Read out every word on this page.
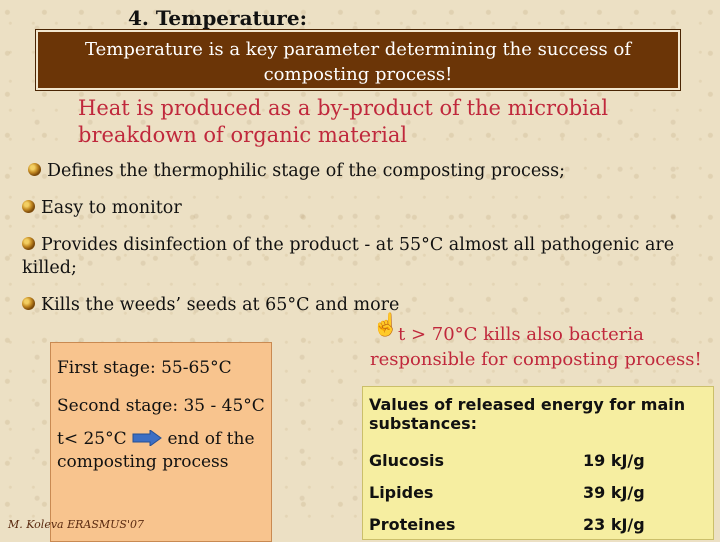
4. Temperature:
Temperature is a key parameter determining the success of composting process!
Heat is produced as a by-product of the microbial breakdown of organic material
Defines the thermophilic stage of the composting process;
Easy to monitor
Provides disinfection of the product - at 55°C almost all pathogenic are killed;
Kills the weeds’ seeds at 65°C and more
First stage: 55-65°C
Second stage: 35 - 45°C
t< 25°C end of the
composting process
M. Koleva ERASMUS'07
☝
t > 70°C kills also bacteria responsible for composting process!
Values of released energy for main substances:
Glucosis	19 kJ/g
Lipides	39 kJ/g
Proteines	23 kJ/g
